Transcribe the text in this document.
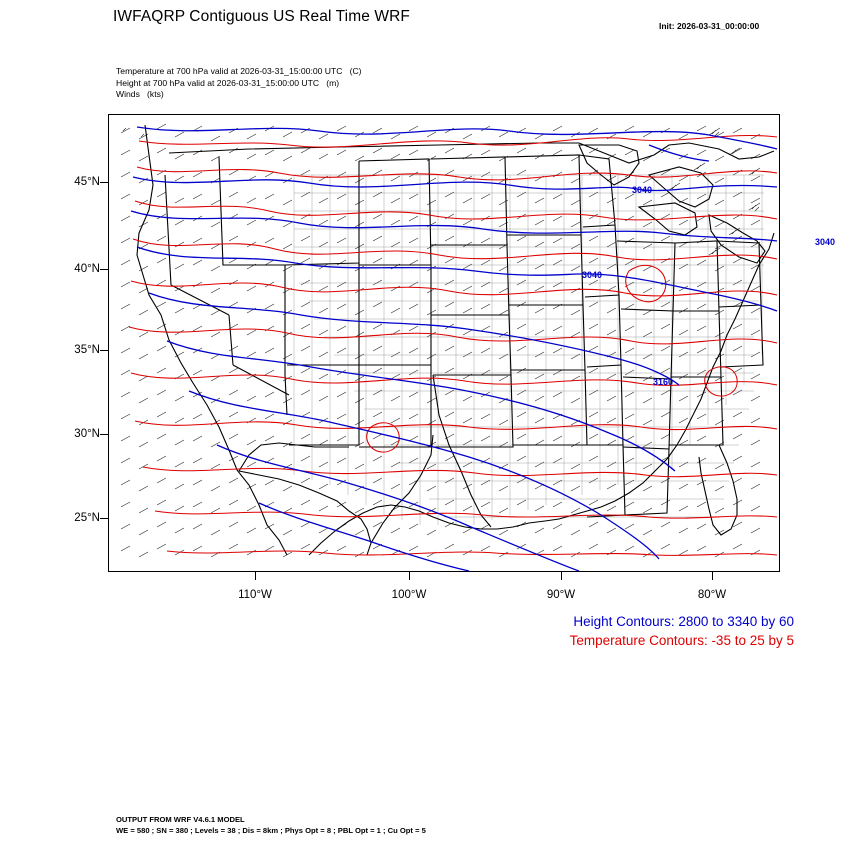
IWFAQRP Contiguous US Real Time WRF
Init: 2026-03-31_00:00:00
Temperature at 700 hPa valid at 2026-03-31_15:00:00 UTC   (C)
Height at 700 hPa valid at 2026-03-31_15:00:00 UTC   (m)
Winds   (kts)
45°N
40°N
35°N
30°N
25°N
110°W	100°W	90°W	80°W
3040
3040
3040
3160
Height Contours: 2800 to 3340 by 60
Temperature Contours: -35 to 25 by 5
OUTPUT FROM WRF V4.6.1 MODEL
WE = 580 ; SN = 380 ; Levels = 38 ; Dis = 8km ; Phys Opt = 8 ; PBL Opt = 1 ; Cu Opt = 5
